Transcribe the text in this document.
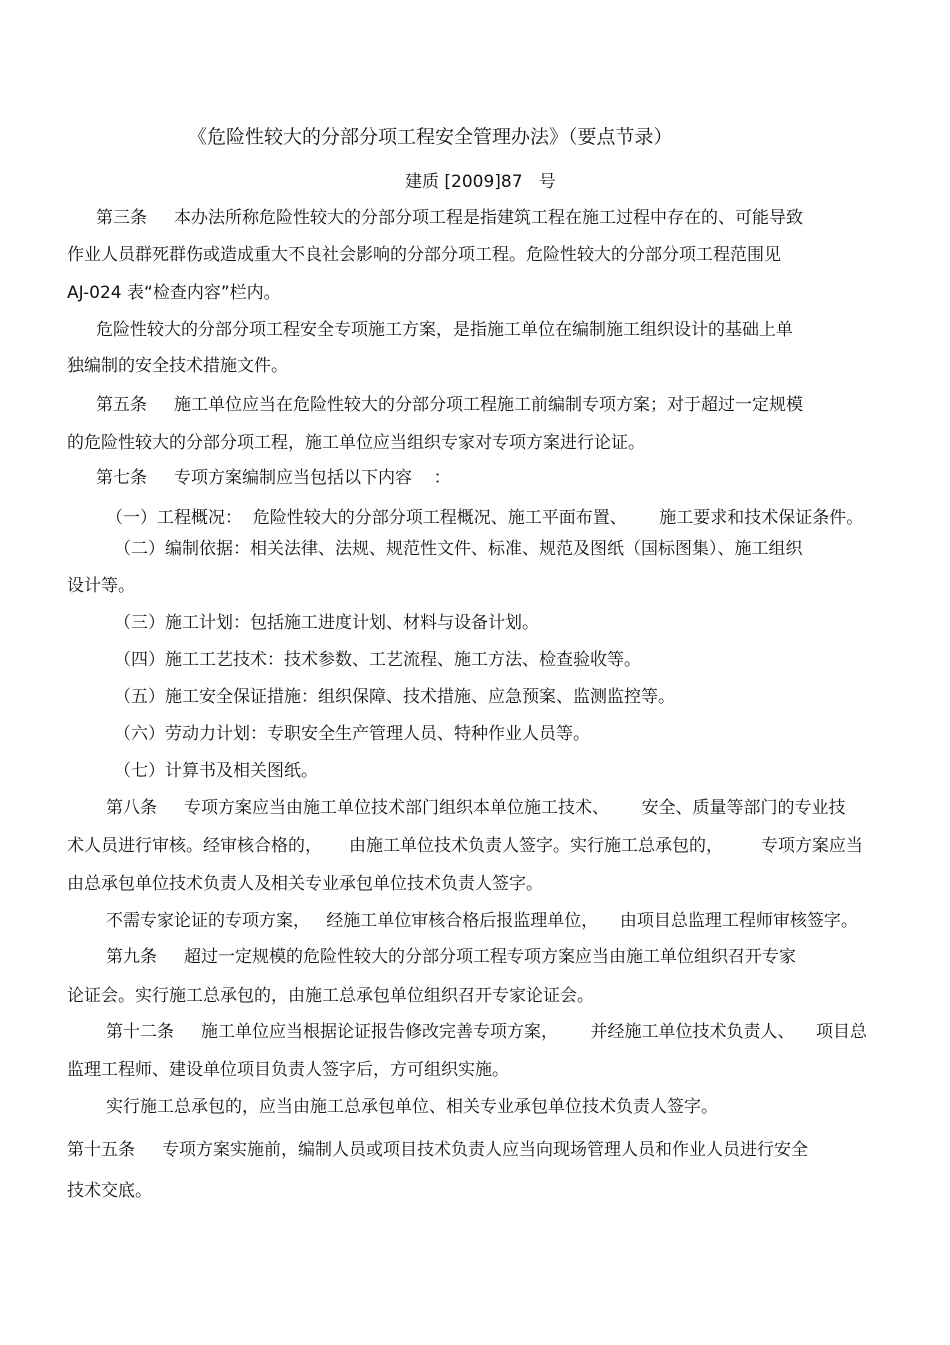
《危险性较大的分部分项工程安全管理办法》（要点节录）
建质 [2009]87   号
第三条     本办法所称危险性较大的分部分项工程是指建筑工程在施工过程中存在的、可能导致
作业人员群死群伤或造成重大不良社会影响的分部分项工程。危险性较大的分部分项工程范围见
AJ-024 表“检查内容”栏内。
危险性较大的分部分项工程安全专项施工方案，是指施工单位在编制施工组织设计的基础上单
独编制的安全技术措施文件。
第五条     施工单位应当在危险性较大的分部分项工程施工前编制专项方案；对于超过一定规模
的危险性较大的分部分项工程，施工单位应当组织专家对专项方案进行论证。
第七条     专项方案编制应当包括以下内容    ：
（一）工程概况：  危险性较大的分部分项工程概况、施工平面布置、      施工要求和技术保证条件。
（二）编制依据：相关法律、法规、规范性文件、标准、规范及图纸（国标图集）、施工组织
设计等。
（三）施工计划：包括施工进度计划、材料与设备计划。
（四）施工工艺技术：技术参数、工艺流程、施工方法、检查验收等。
（五）施工安全保证措施：组织保障、技术措施、应急预案、监测监控等。
（六）劳动力计划：专职安全生产管理人员、特种作业人员等。
（七）计算书及相关图纸。
第八条     专项方案应当由施工单位技术部门组织本单位施工技术、      安全、质量等部门的专业技
术人员进行审核。经审核合格的，     由施工单位技术负责人签字。实行施工总承包的，       专项方案应当
由总承包单位技术负责人及相关专业承包单位技术负责人签字。
不需专家论证的专项方案，   经施工单位审核合格后报监理单位，    由项目总监理工程师审核签字。
第九条     超过一定规模的危险性较大的分部分项工程专项方案应当由施工单位组织召开专家
论证会。实行施工总承包的，由施工总承包单位组织召开专家论证会。
第十二条     施工单位应当根据论证报告修改完善专项方案，      并经施工单位技术负责人、    项目总
监理工程师、建设单位项目负责人签字后，方可组织实施。
实行施工总承包的，应当由施工总承包单位、相关专业承包单位技术负责人签字。
第十五条     专项方案实施前，编制人员或项目技术负责人应当向现场管理人员和作业人员进行安全
技术交底。
